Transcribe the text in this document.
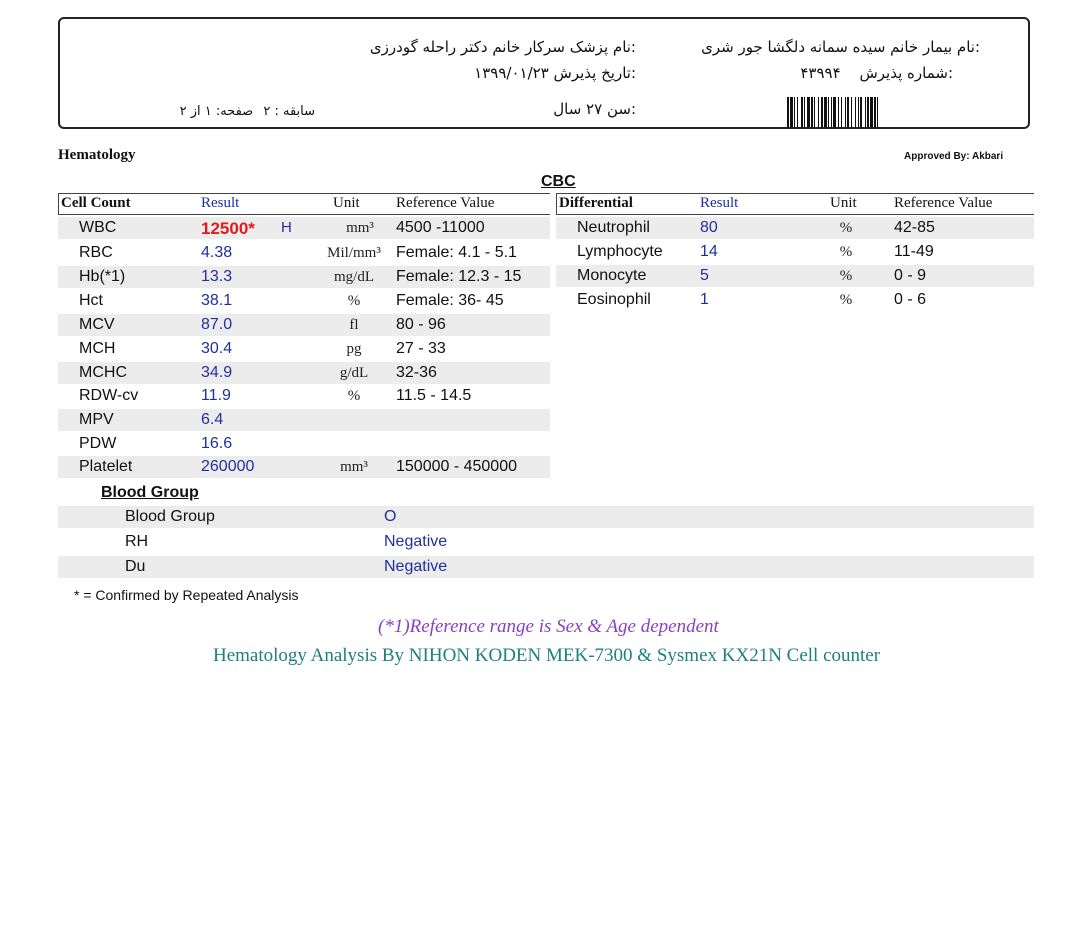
:نام بیمار خانم سیده سمانه دلگشا جور شری
:نام پزشک سرکار خانم دکتر راحله گودرزی
:شماره پذیرش ۴۳۹۹۴
:تاریخ پذیرش ۱۳۹۹/۰۱/۲۳
:سن ۲۷ سال
سابقه : ۲ صفحه: ۱ از ۲
Hematology	Approved By: Akbari
CBC
Cell Count	Result	Unit Reference Value	Differential	Result	Unit Reference Value
WBC	12500* H	mm³ 4500 -11000
RBC	4.38	Mil/mm³ Female: 4.1 - 5.1
Hb(*1)	13.3	mg/dL	Female: 12.3 - 15
Hct	38.1	%	Female: 36- 45
MCV	87.0	fl	80 - 96
MCH	30.4	pg	27 - 33
MCHC	34.9	g/dL	32-36
RDW-cv	11.9	%	11.5 - 14.5
MPV	6.4
PDW	16.6
Platelet	260000	mm³	150000 - 450000
Neutrophil	80	%	42-85
Lymphocyte 14	%	11-49
Monocyte	5	%	0 - 9
Eosinophil	1	%	0 - 6
Blood Group
Blood Group	O
RH	Negative
Du	Negative
* = Confirmed by Repeated Analysis
(*1)Reference range is Sex & Age dependent
Hematology Analysis By NIHON KODEN MEK-7300 & Sysmex KX21N Cell counter
